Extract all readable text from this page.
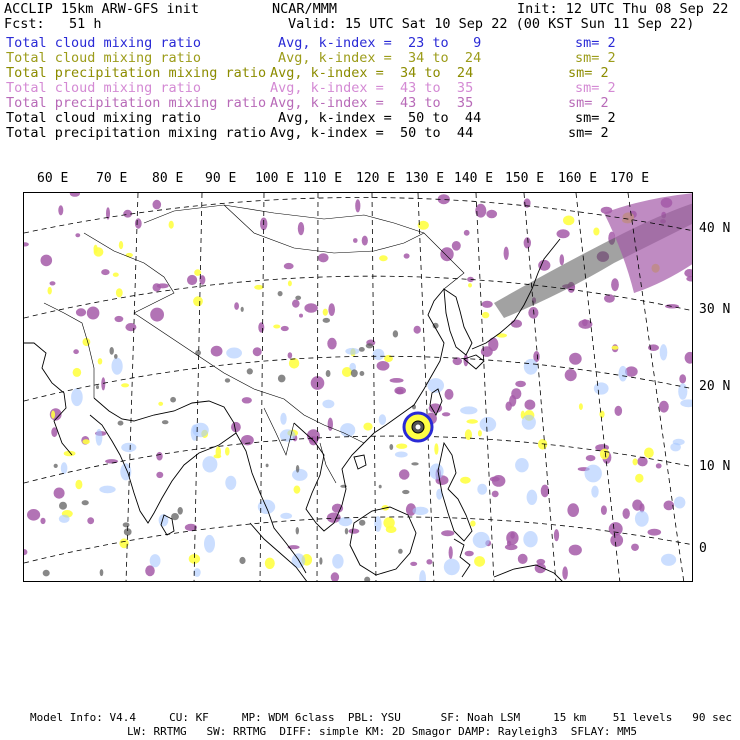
ACCLIP 15km ARW-GFS init	NCAR/MMM	Init: 12 UTC Thu 08 Sep 22
Fcst:   51 h	Valid: 15 UTC Sat 10 Sep 22 (00 KST Sun 11 Sep 22)
Total cloud mixing ratio	Avg, k-index =  23 to   9	sm= 2
Total cloud mixing ratio	Avg, k-index =  34 to  24	sm= 2
Total precipitation mixing ratio Avg, k-index =  34 to  24	sm= 2
Total cloud mixing ratio	Avg, k-index =  43 to  35	sm= 2
Total precipitation mixing ratio Avg, k-index =  43 to  35	sm= 2
Total cloud mixing ratio	Avg, k-index =  50 to  44	sm= 2
Total precipitation mixing ratio Avg, k-index =  50 to  44	sm= 2
60 E 70 E 80 E 90 E 100 E 110 E 120 E 130 E 140 E 150 E 160 E 170 E
40 N
30 N
20 N
10 N
0
Model Info: V4.4     CU: KF     MP: WDM 6class  PBL: YSU      SF: Noah LSM     15 km    51 levels   90 sec
LW: RRTMG   SW: RRTMG  DIFF: simple KM: 2D Smagor DAMP: Rayleigh3  SFLAY: MM5
